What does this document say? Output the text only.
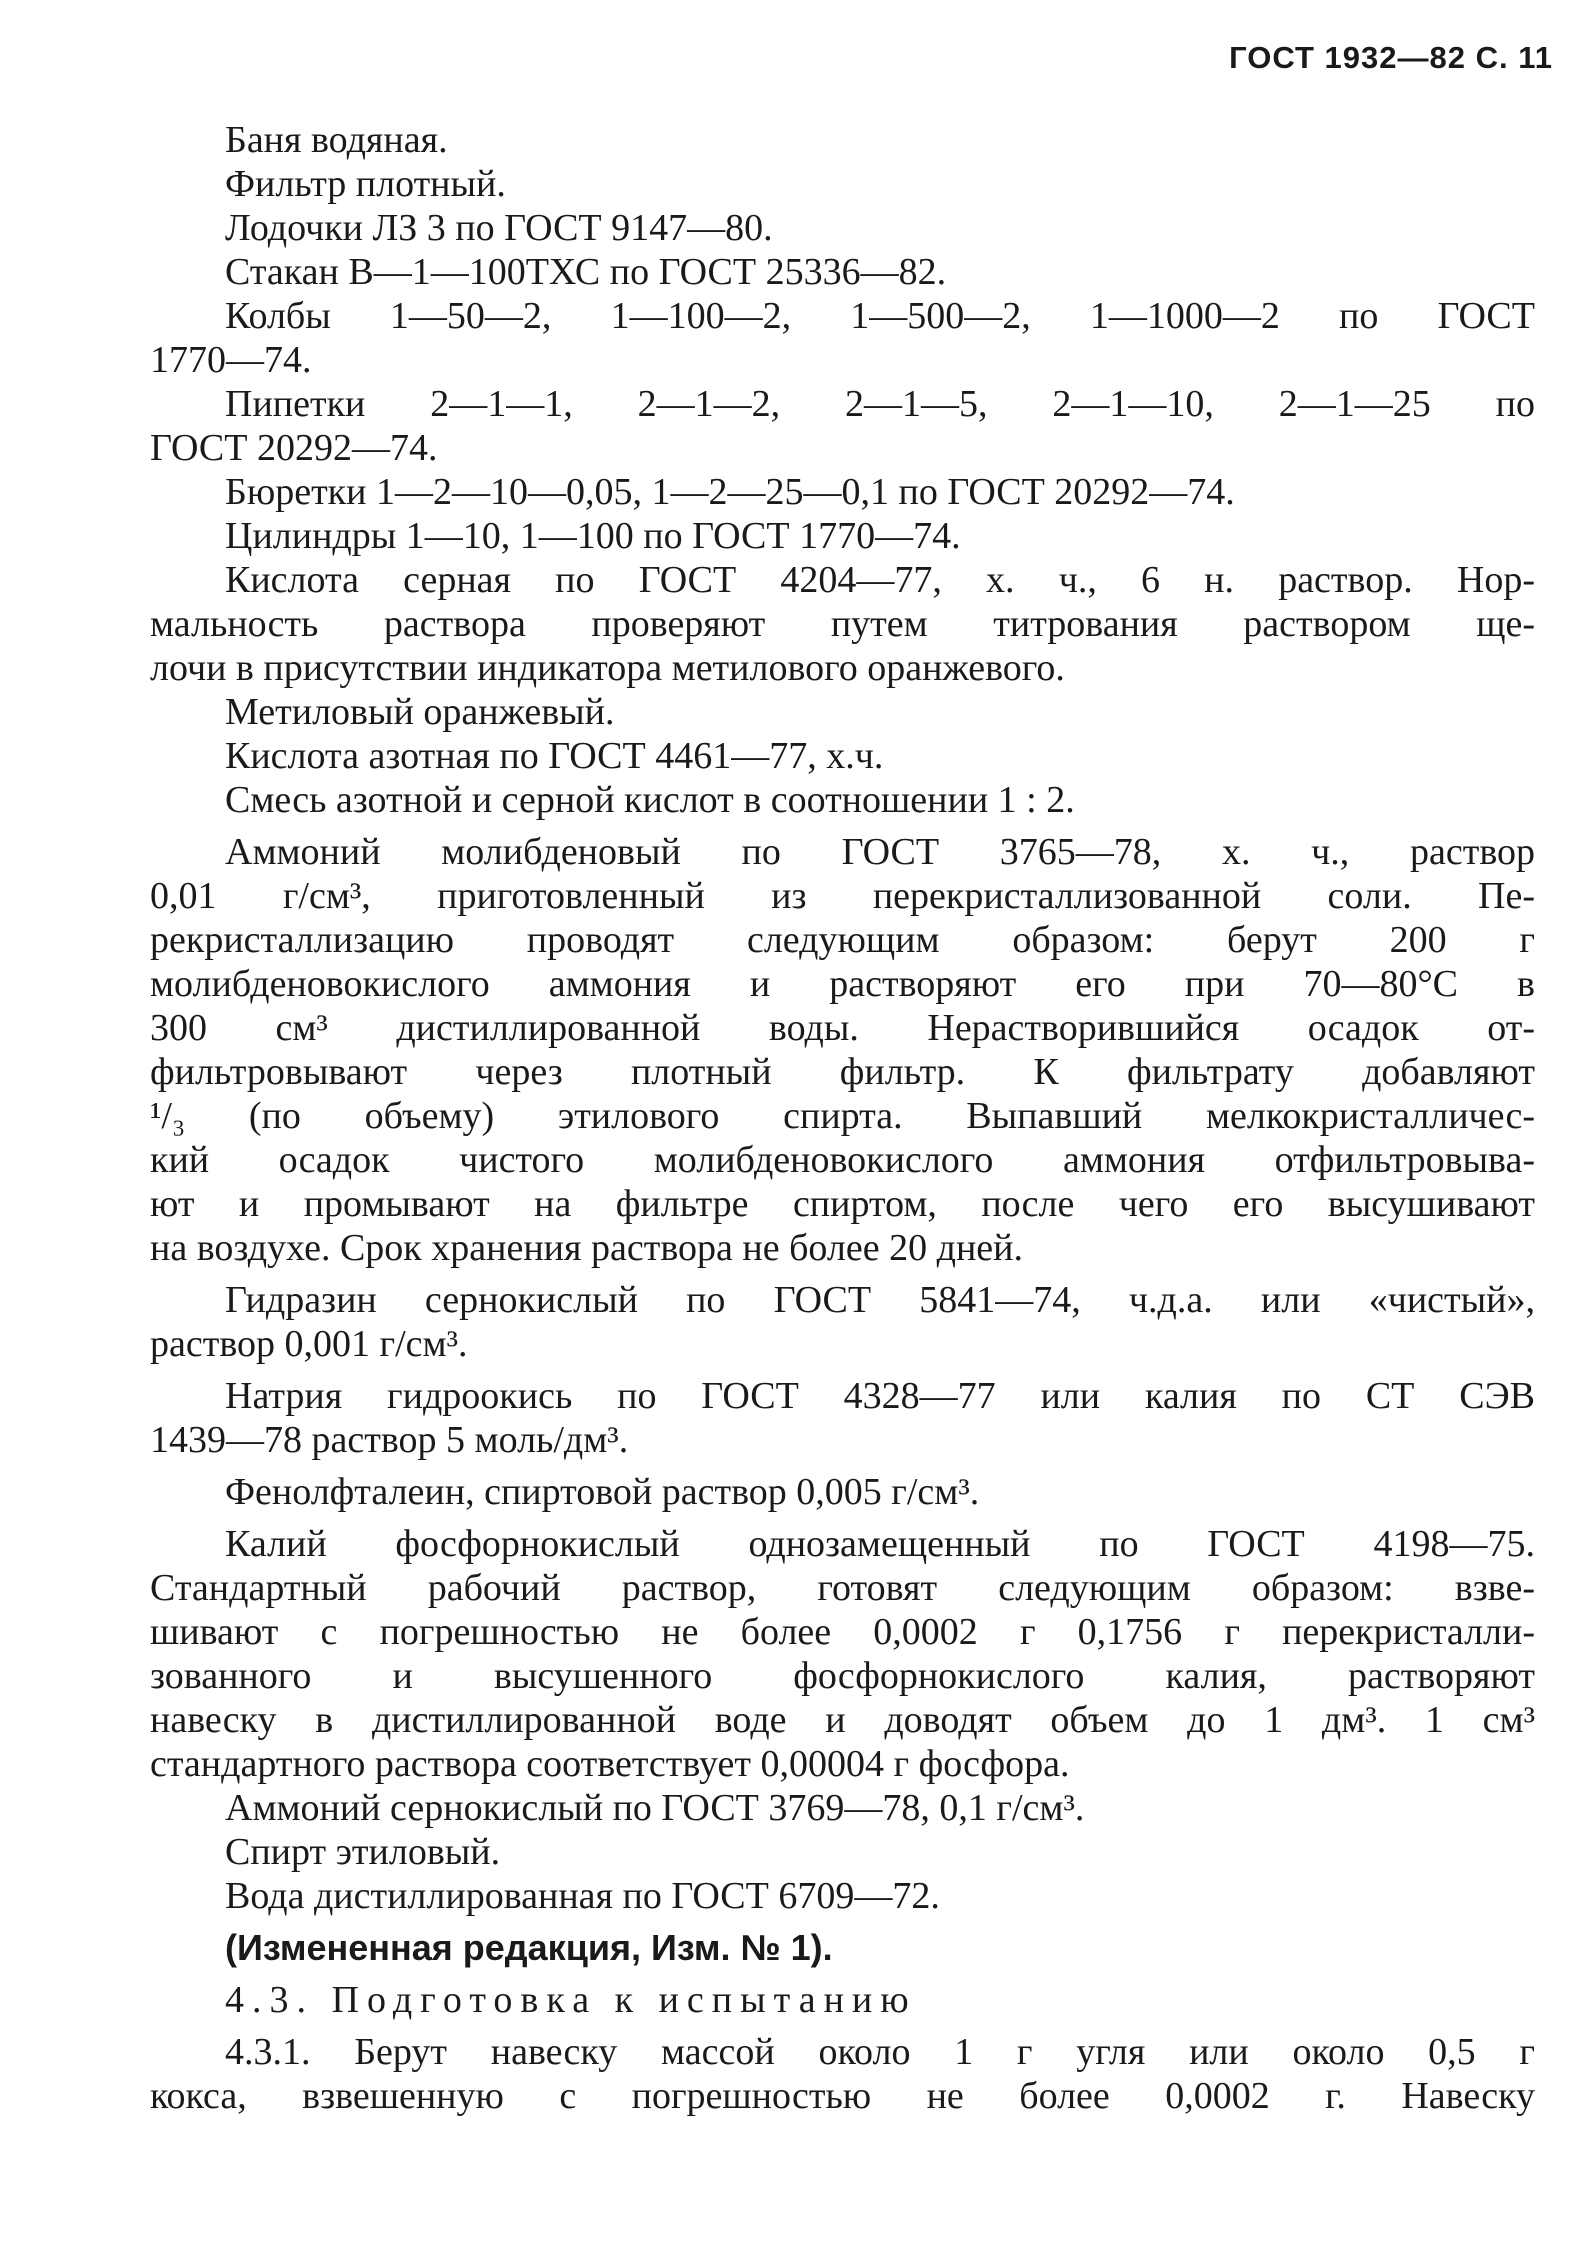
ГОСТ 1932—82 С. 11
Баня водяная.
Фильтр плотный.
Лодочки ЛЗ 3 по ГОСТ 9147—80.
Стакан В—1—100ТХС по ГОСТ 25336—82.
Колбы 1—50—2, 1—100—2, 1—500—2, 1—1000—2 по ГОСТ
1770—74.
Пипетки 2—1—1, 2—1—2, 2—1—5, 2—1—10, 2—1—25 по
ГОСТ 20292—74.
Бюретки 1—2—10—0,05, 1—2—25—0,1 по ГОСТ 20292—74.
Цилиндры 1—10, 1—100 по ГОСТ 1770—74.
Кислота серная по ГОСТ 4204—77, х. ч., 6 н. раствор. Нор-
мальность раствора проверяют путем титрования раствором ще-
лочи в присутствии индикатора метилового оранжевого.
Метиловый оранжевый.
Кислота азотная по ГОСТ 4461—77, х.ч.
Смесь азотной и серной кислот в соотношении 1 : 2.
Аммоний молибденовый по ГОСТ 3765—78, х. ч., раствор
0,01 г/см³, приготовленный из перекристаллизованной соли. Пе-
рекристаллизацию проводят следующим образом: берут 200 г
молибденовокислого аммония и растворяют его при 70—80°С в
300 см³ дистиллированной воды. Нерастворившийся осадок от-
фильтровывают через плотный фильтр. К фильтрату добавляют
¹/₃ (по объему) этилового спирта. Выпавший мелкокристалличес-
кий осадок чистого молибденовокислого аммония отфильтровыва-
ют и промывают на фильтре спиртом, после чего его высушивают
на воздухе. Срок хранения раствора не более 20 дней.
Гидразин сернокислый по ГОСТ 5841—74, ч.д.а. или «чистый»,
раствор 0,001 г/см³.
Натрия гидроокись по ГОСТ 4328—77 или калия по СТ СЭВ
1439—78 раствор 5 моль/дм³.
Фенолфталеин, спиртовой раствор 0,005 г/см³.
Калий фосфорнокислый однозамещенный по ГОСТ 4198—75.
Стандартный рабочий раствор, готовят следующим образом: взве-
шивают с погрешностью не более 0,0002 г 0,1756 г перекристалли-
зованного и высушенного фосфорнокислого калия, растворяют
навеску в дистиллированной воде и доводят объем до 1 дм³. 1 см³
стандартного раствора соответствует 0,00004 г фосфора.
Аммоний сернокислый по ГОСТ 3769—78, 0,1 г/см³.
Спирт этиловый.
Вода дистиллированная по ГОСТ 6709—72.
(Измененная редакция, Изм. № 1).
4.3. Подготовка к испытанию
4.3.1. Берут навеску массой около 1 г угля или около 0,5 г
кокса, взвешенную с погрешностью не более 0,0002 г. Навеску
